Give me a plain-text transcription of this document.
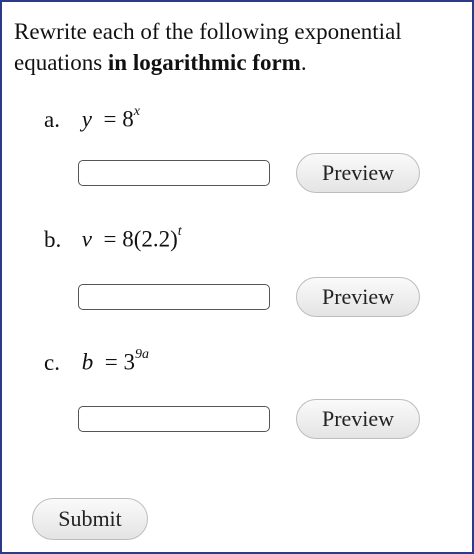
Rewrite each of the following exponential equations in logarithmic form.
a. $y = 8^x$
Preview
b. $v = 8(2.2)^t$
Preview
c. $b = 3^{9a}$
Preview
Submit
